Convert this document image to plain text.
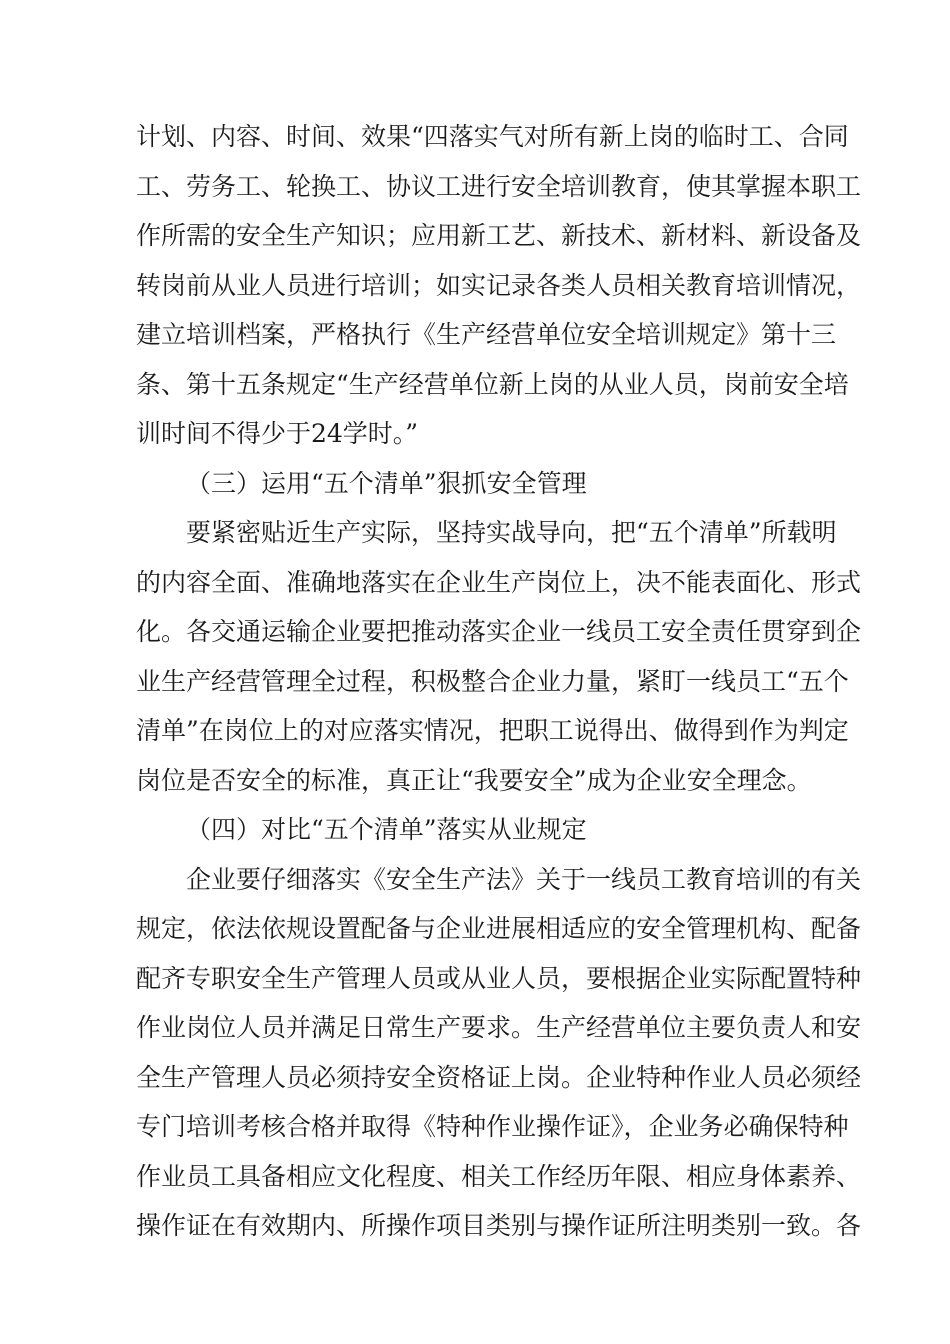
计划、内容、时间、效果“四落实气对所有新上岗的临时工、合同
工、劳务工、轮换工、协议工进行安全培训教育，使其掌握本职工
作所需的安全生产知识；应用新工艺、新技术、新材料、新设备及
转岗前从业人员进行培训；如实记录各类人员相关教育培训情况，
建立培训档案，严格执行《生产经营单位安全培训规定》第十三
条、第十五条规定“生产经营单位新上岗的从业人员，岗前安全培
训时间不得少于24学时。”
（三）运用“五个清单”狠抓安全管理
要紧密贴近生产实际，坚持实战导向，把“五个清单”所载明
的内容全面、准确地落实在企业生产岗位上，决不能表面化、形式
化。各交通运输企业要把推动落实企业一线员工安全责任贯穿到企
业生产经营管理全过程，积极整合企业力量，紧盯一线员工“五个
清单”在岗位上的对应落实情况，把职工说得出、做得到作为判定
岗位是否安全的标准，真正让“我要安全”成为企业安全理念。
（四）对比“五个清单”落实从业规定
企业要仔细落实《安全生产法》关于一线员工教育培训的有关
规定，依法依规设置配备与企业进展相适应的安全管理机构、配备
配齐专职安全生产管理人员或从业人员，要根据企业实际配置特种
作业岗位人员并满足日常生产要求。生产经营单位主要负责人和安
全生产管理人员必须持安全资格证上岗。企业特种作业人员必须经
专门培训考核合格并取得《特种作业操作证》，企业务必确保特种
作业员工具备相应文化程度、相关工作经历年限、相应身体素养、
操作证在有效期内、所操作项目类别与操作证所注明类别一致。各
